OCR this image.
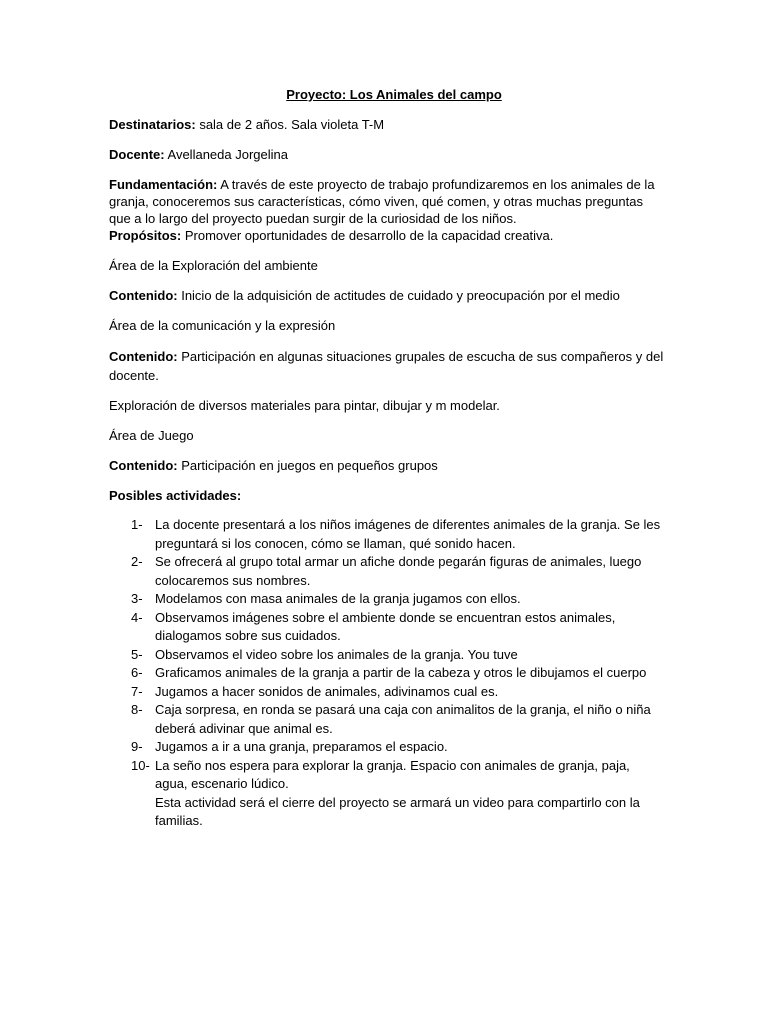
Proyecto: Los Animales del campo

Destinatarios: sala de 2 años. Sala violeta T-M

Docente: Avellaneda Jorgelina

Fundamentación: A través de este proyecto de trabajo profundizaremos en los animales de la granja, conoceremos sus características, cómo viven, qué comen, y otras muchas preguntas que a lo largo del proyecto puedan surgir de la curiosidad de los niños.

Propósitos: Promover oportunidades de desarrollo de la capacidad creativa.

Área de la Exploración del ambiente

Contenido: Inicio de la adquisición de actitudes de cuidado y preocupación por el medio

Área de la comunicación y la expresión

Contenido: Participación en algunas situaciones grupales de escucha de sus compañeros y del docente.

Exploración de diversos materiales para pintar, dibujar y m modelar.

Área de Juego

Contenido: Participación en juegos en pequeños grupos

Posibles actividades:

1- La docente presentará a los niños imágenes de diferentes animales de la granja. Se les preguntará si los conocen, cómo se llaman, qué sonido hacen.
2- Se ofrecerá al grupo total armar un afiche donde pegarán figuras de animales, luego colocaremos sus nombres.
3- Modelamos con masa animales de la granja jugamos con ellos.
4- Observamos imágenes sobre el ambiente donde se encuentran estos animales, dialogamos sobre sus cuidados.
5- Observamos el video sobre los animales de la granja. You tuve
6- Graficamos animales de la granja a partir de la cabeza y otros le dibujamos el cuerpo
7- Jugamos a hacer sonidos de animales, adivinamos cual es.
8- Caja sorpresa, en ronda se pasará una caja con animalitos de la granja, el niño o niña deberá adivinar que animal es.
9- Jugamos a ir a una granja, preparamos el espacio.
10- La seño nos espera para explorar la granja. Espacio con animales de granja, paja, agua, escenario lúdico.
Esta actividad será el cierre del proyecto se armará un video para compartirlo con la familias.
